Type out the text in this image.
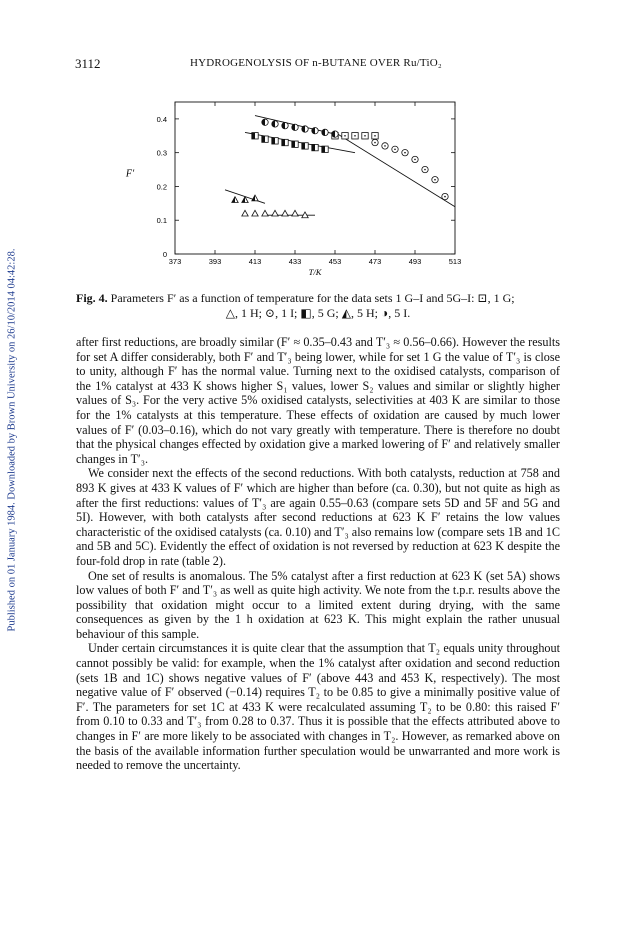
Published on 01 January 1984. Downloaded by Brown University on 26/10/2014 04:42:28.
3112	HYDROGENOLYSIS OF n-BUTANE OVER Ru/TiO₂
373	393	413	433	453	473	493	513
0
0.1
0.2
0.3
0.4
T/K
F′
Fig. 4. Parameters F′ as a function of temperature for the data sets 1 G–I and 5G–I: ⊡, 1 G;
△, 1 H; ⊙, 1 I; ◧, 5 G; ◭, 5 H; ◑, 5 I.

after first reductions, are broadly similar (F′ ≈ 0.35–0.43 and T′₃ ≈ 0.56–0.66). However the results for set A differ considerably, both F′ and T′₃ being lower, while for set 1 G the value of T′₃ is close to unity, although F′ has the normal value. Turning next to the oxidised catalysts, comparison of the 1% catalyst at 433 K shows higher S₁ values, lower S₂ values and similar or slightly higher values of S₃. For the very active 5% oxidised catalysts, selectivities at 403 K are similar to those for the 1% catalysts at this temperature. These effects of oxidation are caused by much lower values of F′ (0.03–0.16), which do not vary greatly with temperature. There is therefore no doubt that the physical changes effected by oxidation give a marked lowering of F′ and relatively smaller changes in T′₃.

We consider next the effects of the second reductions. With both catalysts, reduction at 758 and 893 K gives at 433 K values of F′ which are higher than before (ca. 0.30), but not quite as high as after the first reductions: values of T′₃ are again 0.55–0.63 (compare sets 5D and 5F and 5G and 5I). However, with both catalysts after second reductions at 623 K F′ retains the low values characteristic of the oxidised catalysts (ca. 0.10) and T′₃ also remains low (compare sets 1B and 1C and 5B and 5C). Evidently the effect of oxidation is not reversed by reduction at 623 K despite the four-fold drop in rate (table 2).

One set of results is anomalous. The 5% catalyst after a first reduction at 623 K (set 5A) shows low values of both F′ and T′₃ as well as quite high activity. We note from the t.p.r. results above the possibility that oxidation might occur to a limited extent during drying, with the same consequences as given by the 1 h oxidation at 623 K. This might explain the rather unusual behaviour of this sample.

Under certain circumstances it is quite clear that the assumption that T₂ equals unity throughout cannot possibly be valid: for example, when the 1% catalyst after oxidation and second reduction (sets 1B and 1C) shows negative values of F′ (above 443 and 453 K, respectively). The most negative value of F′ observed (−0.14) requires T₂ to be 0.85 to give a minimally positive value of F′. The parameters for set 1C at 433 K were recalculated assuming T₂ to be 0.80: this raised F′ from 0.10 to 0.33 and T′₃ from 0.28 to 0.37. Thus it is possible that the effects attributed above to changes in F′ are more likely to be associated with changes in T₂. However, as remarked above on the basis of the available information further speculation would be unwarranted and more work is needed to remove the uncertainty.
